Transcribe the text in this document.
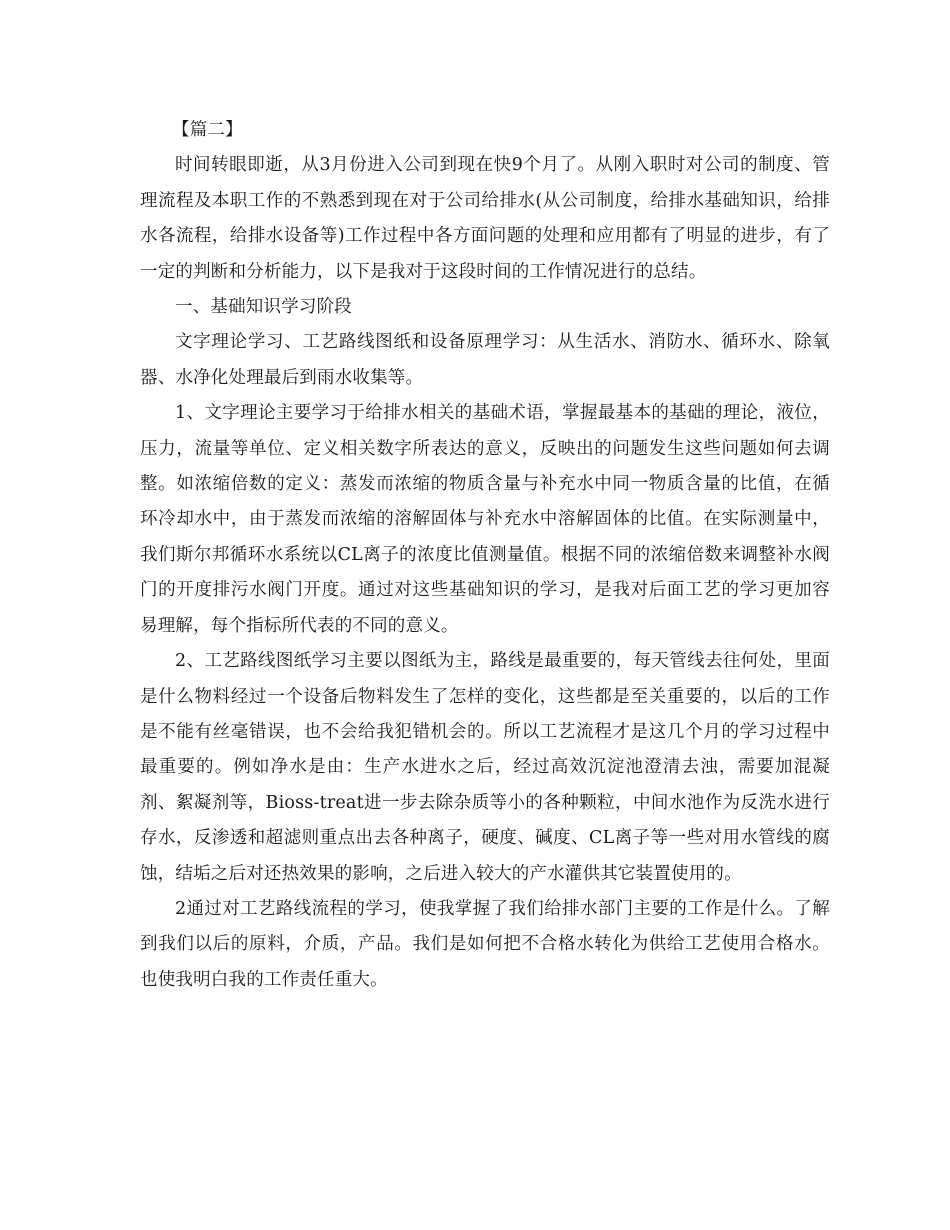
【篇二】

时间转眼即逝，从3月份进入公司到现在快9个月了。从刚入职时对公司的制度、管理流程及本职工作的不熟悉到现在对于公司给排水(从公司制度，给排水基础知识，给排水各流程，给排水设备等)工作过程中各方面问题的处理和应用都有了明显的进步，有了一定的判断和分析能力，以下是我对于这段时间的工作情况进行的总结。

一、基础知识学习阶段

文字理论学习、工艺路线图纸和设备原理学习：从生活水、消防水、循环水、除氧器、水净化处理最后到雨水收集等。

1、文字理论主要学习于给排水相关的基础术语，掌握最基本的基础的理论，液位，压力，流量等单位、定义相关数字所表达的意义，反映出的问题发生这些问题如何去调整。如浓缩倍数的定义：蒸发而浓缩的物质含量与补充水中同一物质含量的比值，在循环冷却水中，由于蒸发而浓缩的溶解固体与补充水中溶解固体的比值。在实际测量中，我们斯尔邦循环水系统以CL离子的浓度比值测量值。根据不同的浓缩倍数来调整补水阀门的开度排污水阀门开度。通过对这些基础知识的学习，是我对后面工艺的学习更加容易理解，每个指标所代表的不同的意义。

2、工艺路线图纸学习主要以图纸为主，路线是最重要的，每天管线去往何处，里面是什么物料经过一个设备后物料发生了怎样的变化，这些都是至关重要的，以后的工作是不能有丝毫错误，也不会给我犯错机会的。所以工艺流程才是这几个月的学习过程中最重要的。例如净水是由：生产水进水之后，经过高效沉淀池澄清去浊，需要加混凝剂、絮凝剂等，Bioss-treat进一步去除杂质等小的各种颗粒，中间水池作为反洗水进行存水，反渗透和超滤则重点出去各种离子，硬度、碱度、CL离子等一些对用水管线的腐蚀，结垢之后对还热效果的影响，之后进入较大的产水灌供其它装置使用的。

2通过对工艺路线流程的学习，使我掌握了我们给排水部门主要的工作是什么。了解到我们以后的原料，介质，产品。我们是如何把不合格水转化为供给工艺使用合格水。也使我明白我的工作责任重大。
